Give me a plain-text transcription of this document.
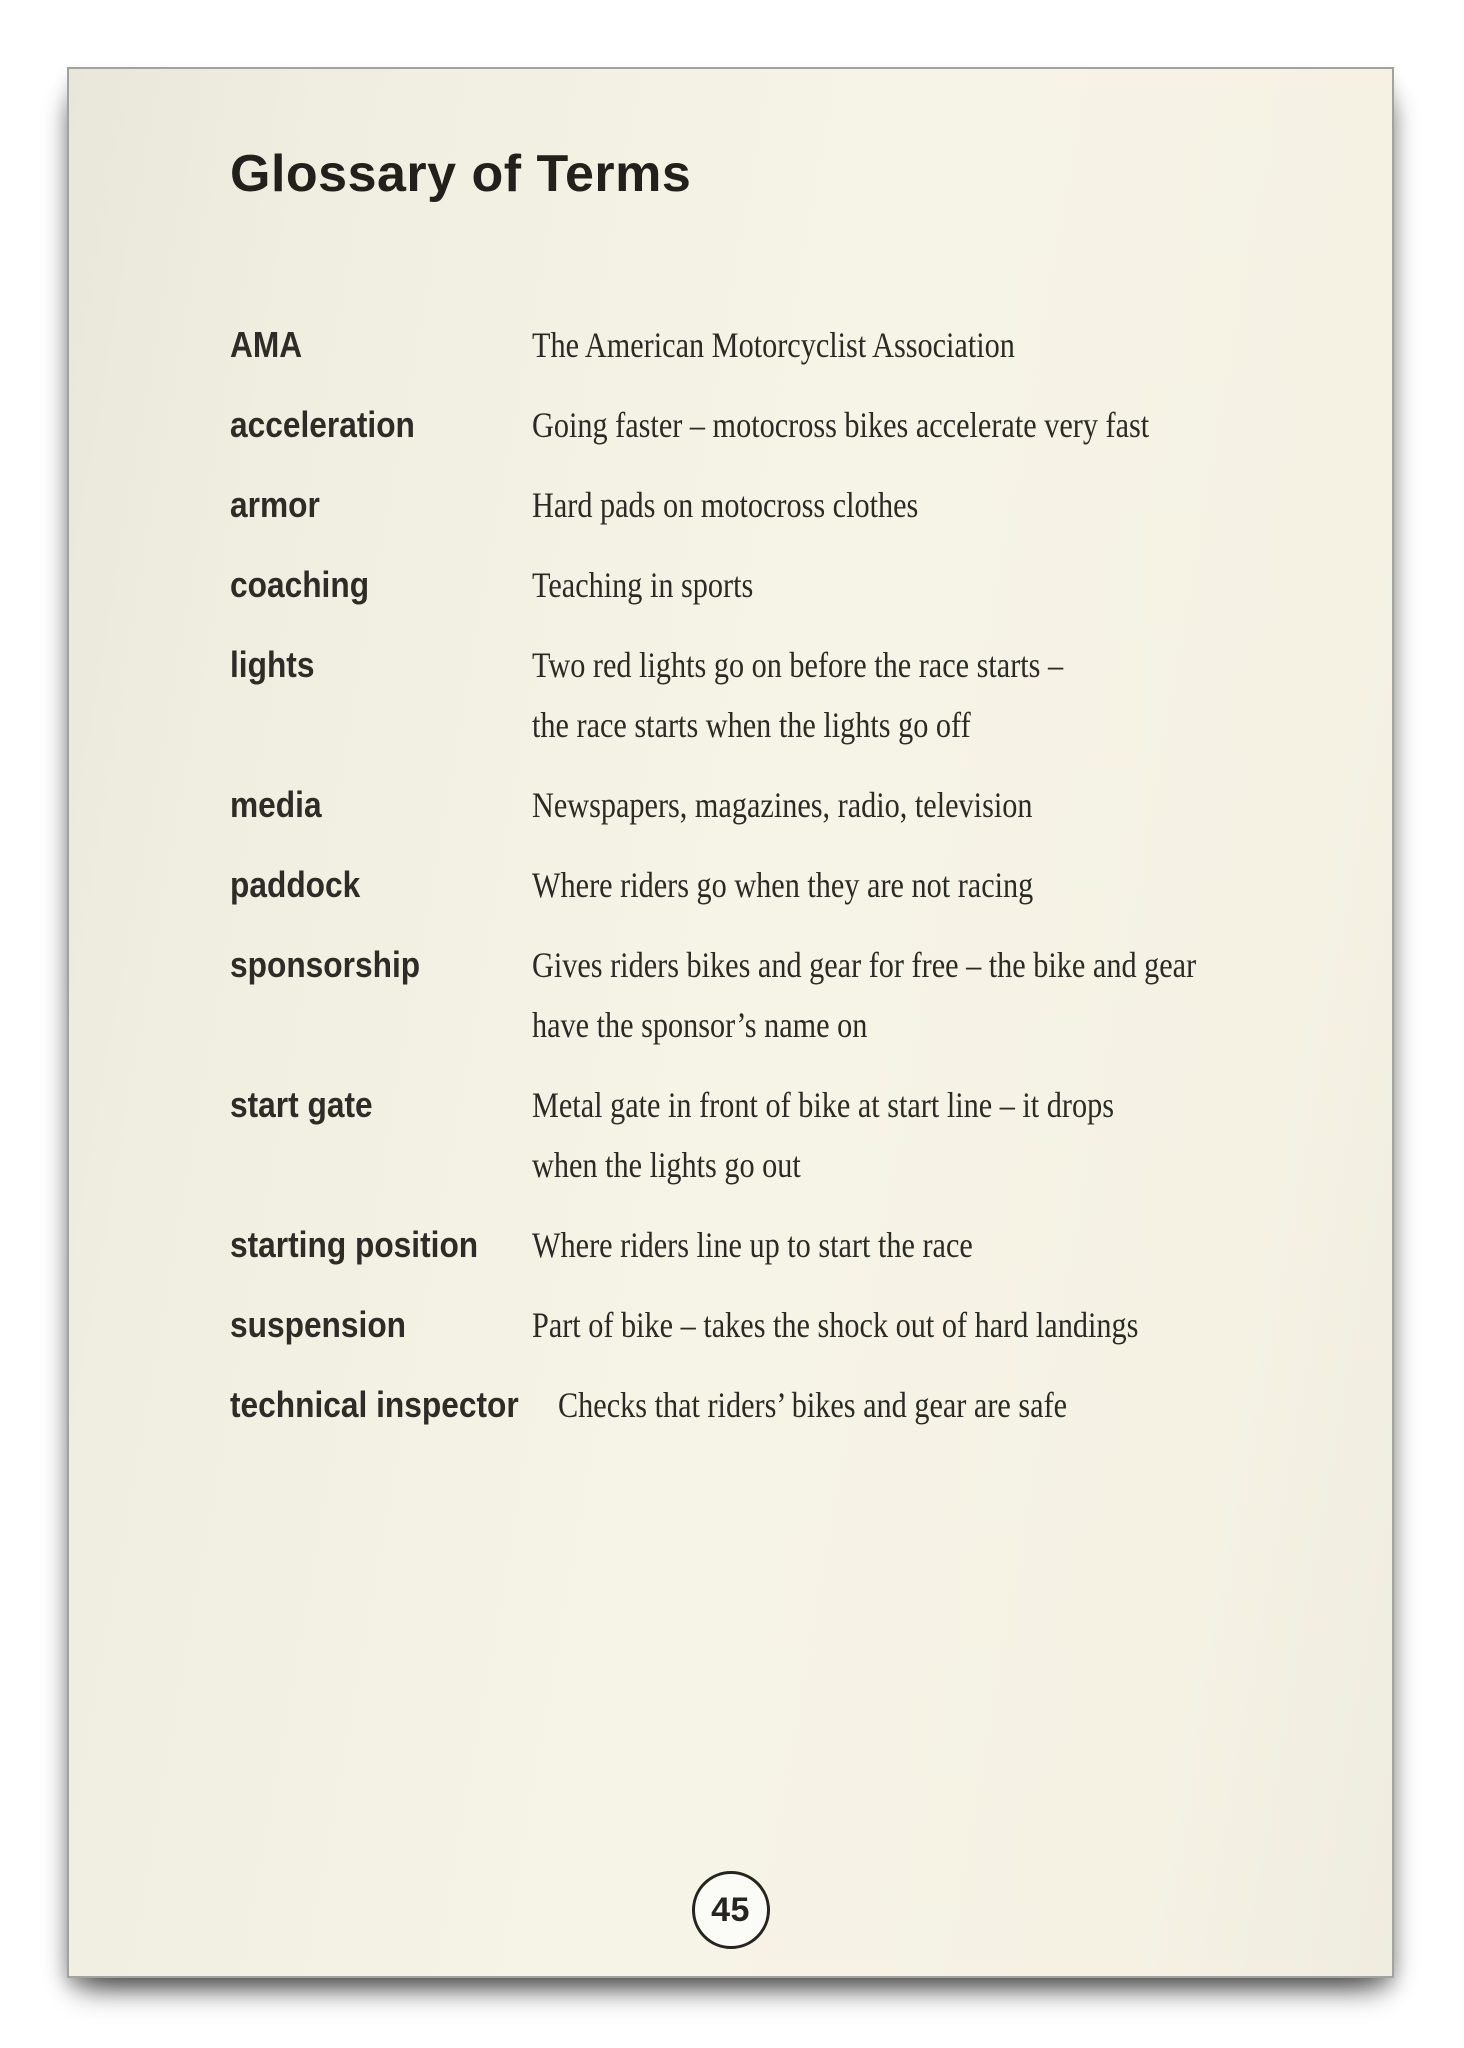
Glossary of Terms
AMA	The American Motorcyclist Association
acceleration	Going faster – motocross bikes accelerate very fast
armor	Hard pads on motocross clothes
coaching	Teaching in sports
lights	Two red lights go on before the race starts –
the race starts when the lights go off
media	Newspapers, magazines, radio, television
paddock	Where riders go when they are not racing
sponsorship	Gives riders bikes and gear for free – the bike and gear
have the sponsor’s name on
start gate	Metal gate in front of bike at start line – it drops
when the lights go out
starting position	Where riders line up to start the race
suspension	Part of bike – takes the shock out of hard landings
technical inspector	Checks that riders’ bikes and gear are safe
45
